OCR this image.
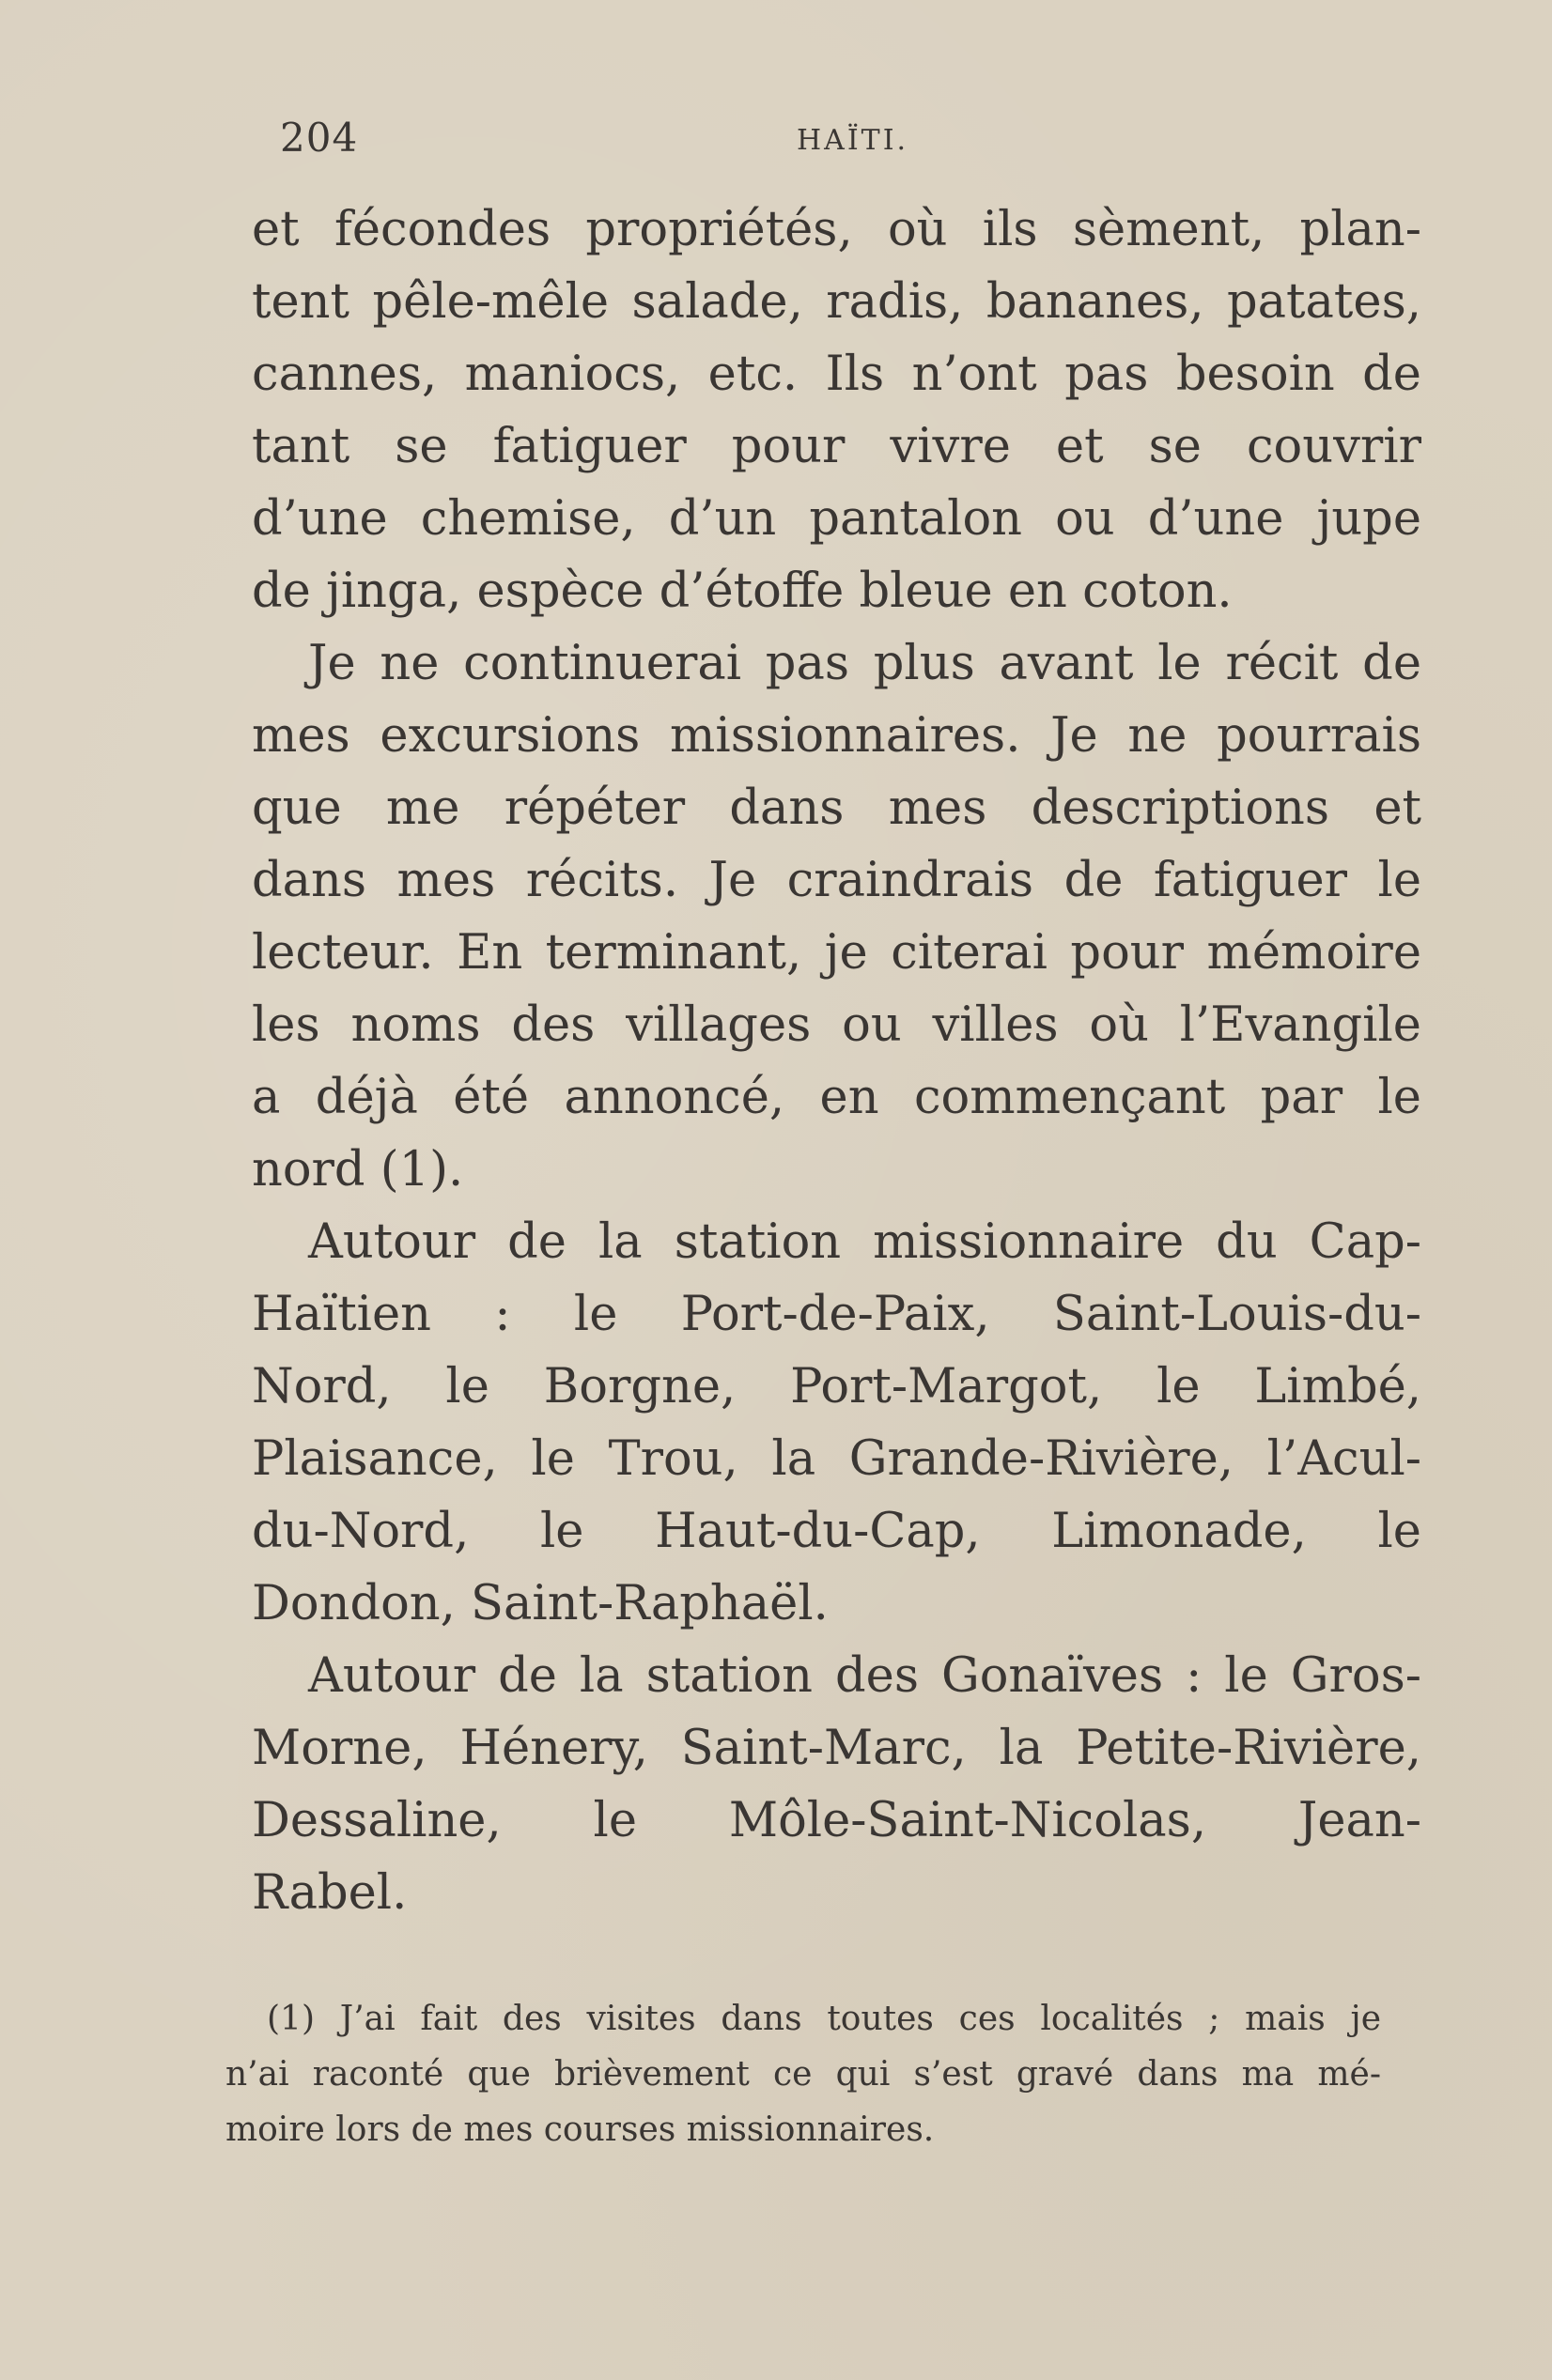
204	HAÏTI.
et fécondes propriétés, où ils sèment, plan-
tent pêle-mêle salade, radis, bananes, patates,
cannes, maniocs, etc. Ils n’ont pas besoin de
tant se fatiguer pour vivre et se couvrir
d’une chemise, d’un pantalon ou d’une jupe
de jinga, espèce d’étoffe bleue en coton.
Je ne continuerai pas plus avant le récit de
mes excursions missionnaires. Je ne pourrais
que me répéter dans mes descriptions et
dans mes récits. Je craindrais de fatiguer le
lecteur. En terminant, je citerai pour mémoire
les noms des villages ou villes où l’Evangile
a déjà été annoncé, en commençant par le
nord (1).
Autour de la station missionnaire du Cap-
Haïtien : le Port-de-Paix, Saint-Louis-du-
Nord, le Borgne, Port-Margot, le Limbé,
Plaisance, le Trou, la Grande-Rivière, l’Acul-
du-Nord, le Haut-du-Cap, Limonade, le
Dondon, Saint-Raphaël.
Autour de la station des Gonaïves : le Gros-
Morne, Hénery, Saint-Marc, la Petite-Rivière,
Dessaline, le Môle-Saint-Nicolas, Jean-
Rabel.
(1) J’ai fait des visites dans toutes ces localités ; mais je
n’ai raconté que brièvement ce qui s’est gravé dans ma mé-
moire lors de mes courses missionnaires.
